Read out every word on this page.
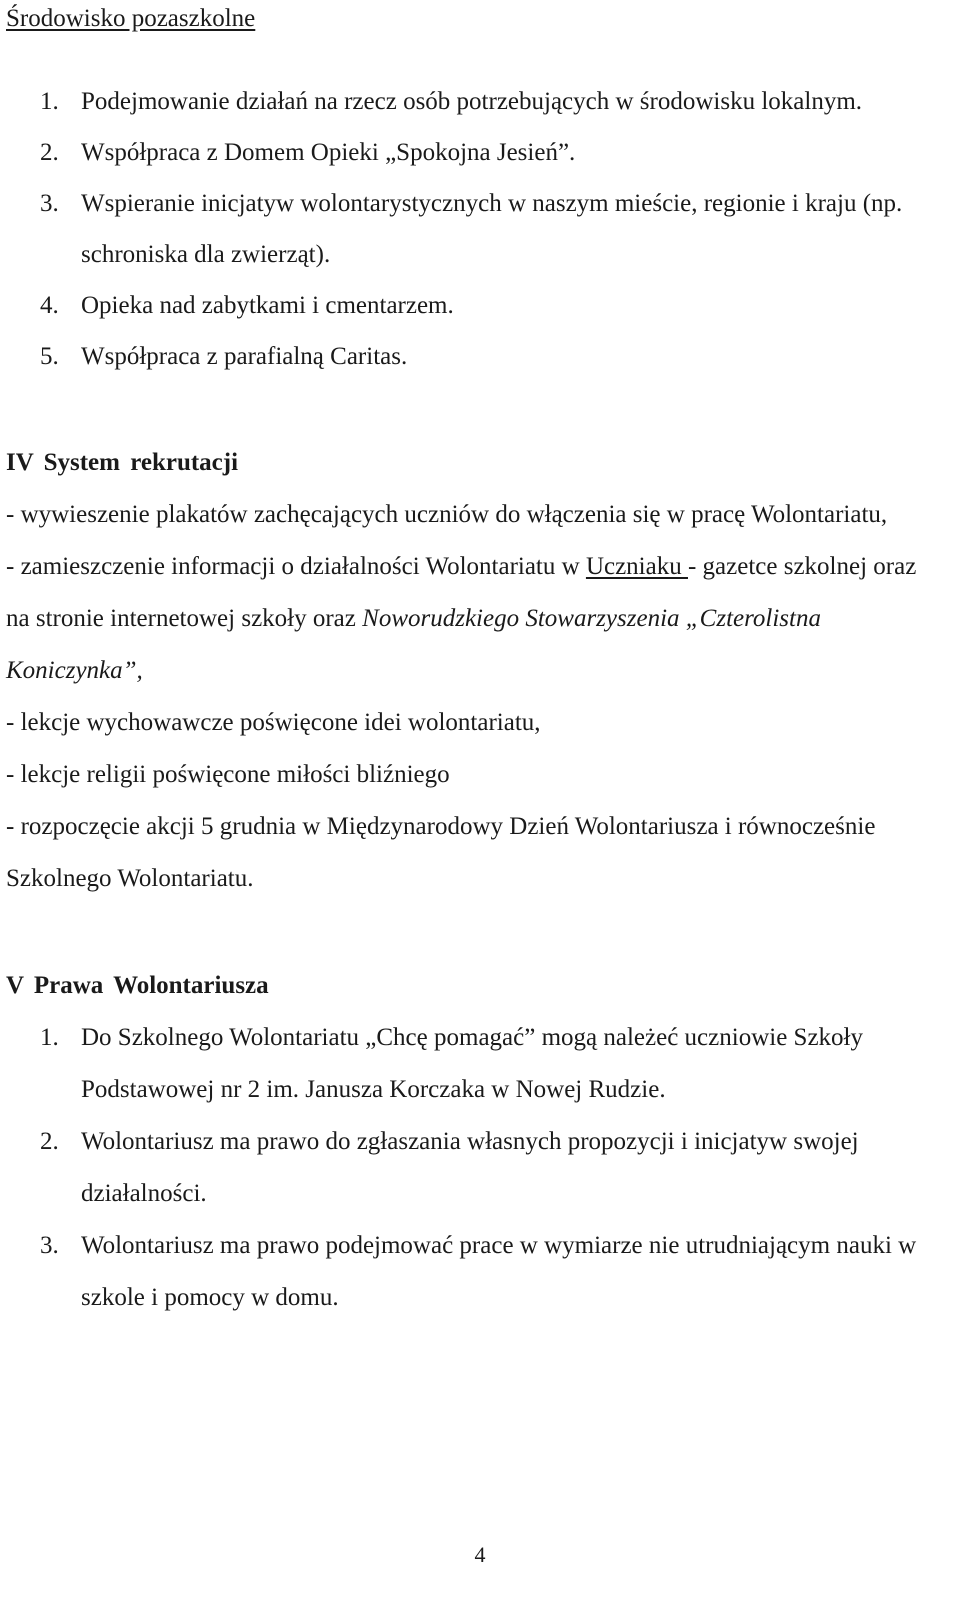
Środowisko pozaszkolne
1. Podejmowanie działań na rzecz osób potrzebujących w środowisku lokalnym.
2. Współpraca z Domem Opieki „Spokojna Jesień”.
3. Wspieranie inicjatyw wolontarystycznych w naszym mieście, regionie i kraju (np. schroniska dla zwierząt).
4. Opieka nad zabytkami i cmentarzem.
5. Współpraca z parafialną Caritas.

IV System rekrutacji

- wywieszenie plakatów zachęcających uczniów do włączenia się w pracę Wolontariatu,

- zamieszczenie informacji o działalności Wolontariatu w Uczniaku - gazetce szkolnej oraz na stronie internetowej szkoły oraz Noworudzkiego Stowarzyszenia „Czterolistna Koniczynka”,

- lekcje wychowawcze poświęcone idei wolontariatu,

- lekcje religii poświęcone miłości bliźniego

- rozpoczęcie akcji 5 grudnia w Międzynarodowy Dzień Wolontariusza i równocześnie Szkolnego Wolontariatu.

V Prawa Wolontariusza

1. Do Szkolnego Wolontariatu „Chcę pomagać” mogą należeć uczniowie Szkoły Podstawowej nr 2 im. Janusza Korczaka w Nowej Rudzie.
2. Wolontariusz ma prawo do zgłaszania własnych propozycji i inicjatyw swojej działalności.
3. Wolontariusz ma prawo podejmować prace w wymiarze nie utrudniającym nauki w szkole i pomocy w domu.
4
